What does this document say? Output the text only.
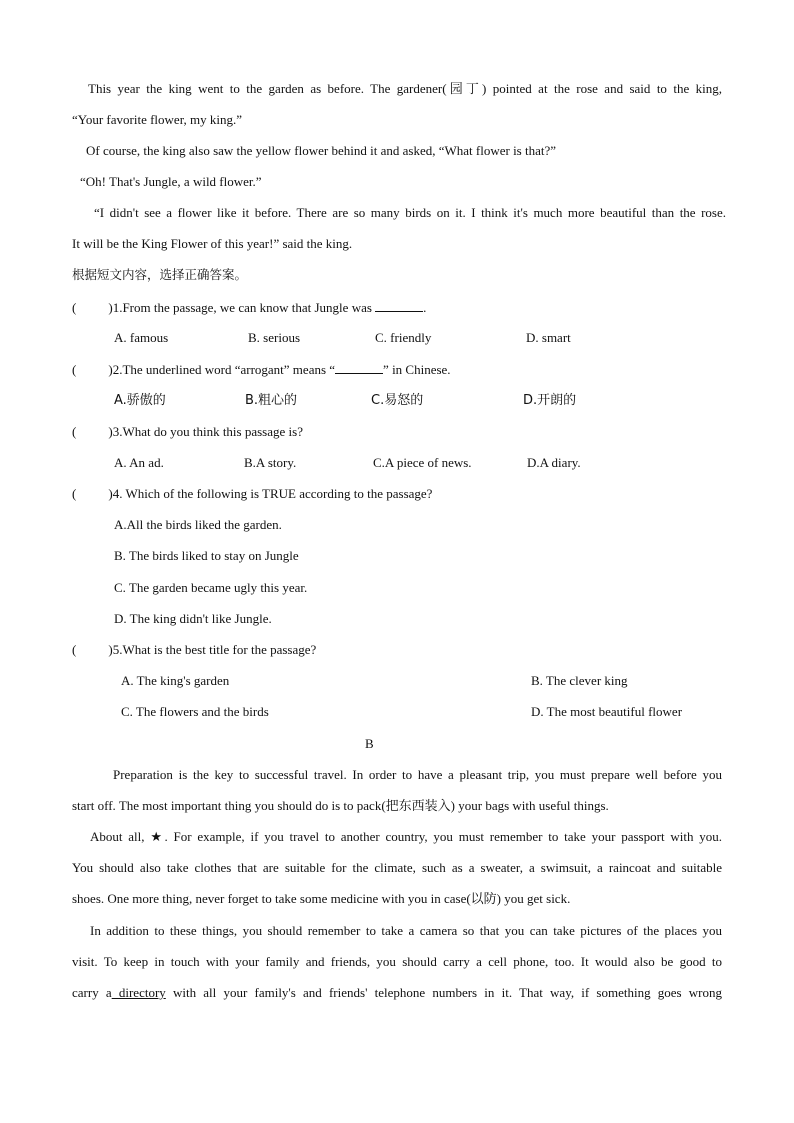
This year the king went to the garden as before. The gardener(园丁) pointed at the rose and said to the king,
“Your favorite flower, my king.”
Of course, the king also saw the yellow flower behind it and asked, “What flower is that?”
“Oh! That's Jungle, a wild flower.”
“I didn't see a flower like it before. There are so many birds on it. I think it's much more beautiful than the rose.
It will be the King Flower of this year!” said the king.
根据短文内容，选择正确答案。
( )1.From the passage, we can know that Jungle was	.
A. famous	B. serious	C. friendly	D. smart
( )2.The underlined word “arrogant” means “	” in Chinese.
A.骄傲的	B.粗心的	C.易怒的	D.开朗的
( )3.What do you think this passage is?
A. An ad.	B.A story.	C.A piece of news.	D.A diary.
( )4. Which of the following is TRUE according to the passage?
A.All the birds liked the garden.
B. The birds liked to stay on Jungle
C. The garden became ugly this year.
D. The king didn't like Jungle.
( )5.What is the best title for the passage?
A. The king's garden	B. The clever king
C. The flowers and the birds	D. The most beautiful flower
B
Preparation is the key to successful travel. In order to have a pleasant trip, you must prepare well before you
start off. The most important thing you should do is to pack(把东西装入) your bags with useful things.
About all, ★. For example, if you travel to another country, you must remember to take your passport with you.
You should also take clothes that are suitable for the climate, such as a sweater, a swimsuit, a raincoat and suitable
shoes. One more thing, never forget to take some medicine with you in case(以防) you get sick.
In addition to these things, you should remember to take a camera so that you can take pictures of the places you
visit. To keep in touch with your family and friends, you should carry a cell phone, too. It would also be good to
carry a directory with all your family's and friends' telephone numbers in it. That way, if something goes wrong
